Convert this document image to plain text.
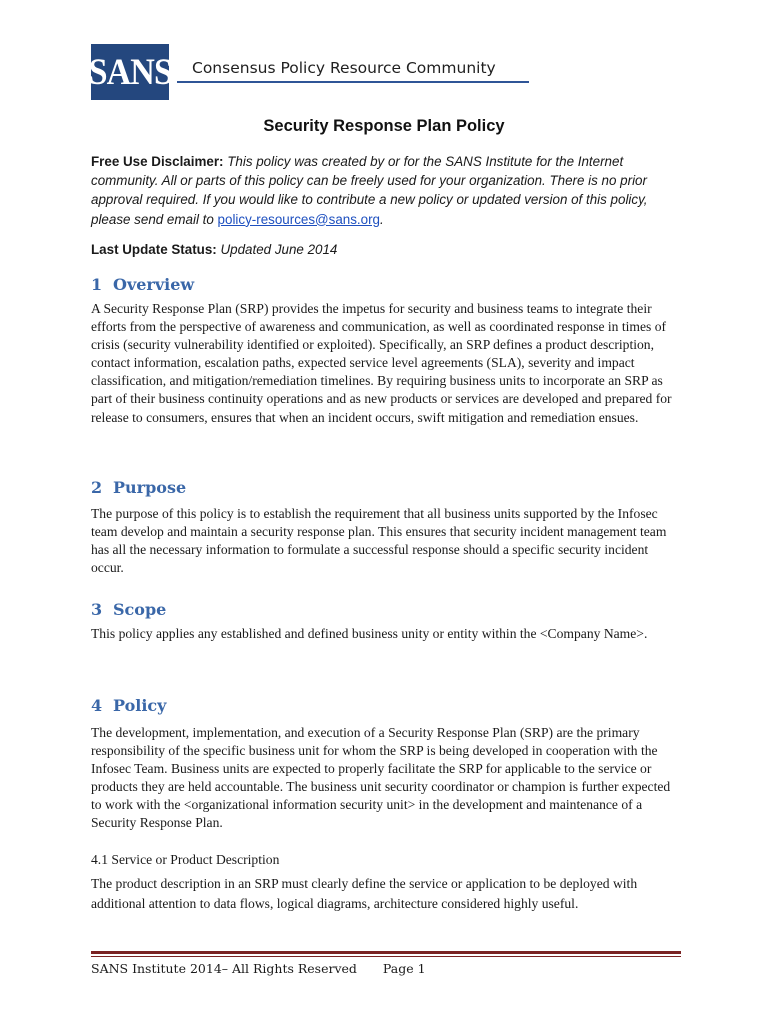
SANS Consensus Policy Resource Community
Security Response Plan Policy
Free Use Disclaimer: This policy was created by or for the SANS Institute for the Internet community. All or parts of this policy can be freely used for your organization. There is no prior approval required. If you would like to contribute a new policy or updated version of this policy, please send email to policy-resources@sans.org.
Last Update Status: Updated June 2014
1 Overview
A Security Response Plan (SRP) provides the impetus for security and business teams to integrate their efforts from the perspective of awareness and communication, as well as coordinated response in times of crisis (security vulnerability identified or exploited). Specifically, an SRP defines a product description, contact information, escalation paths, expected service level agreements (SLA), severity and impact classification, and mitigation/remediation timelines. By requiring business units to incorporate an SRP as part of their business continuity operations and as new products or services are developed and prepared for release to consumers, ensures that when an incident occurs, swift mitigation and remediation ensues.
2 Purpose
The purpose of this policy is to establish the requirement that all business units supported by the Infosec team develop and maintain a security response plan. This ensures that security incident management team has all the necessary information to formulate a successful response should a specific security incident occur.
3 Scope
This policy applies any established and defined business unity or entity within the <Company Name>.
4 Policy
The development, implementation, and execution of a Security Response Plan (SRP) are the primary responsibility of the specific business unit for whom the SRP is being developed in cooperation with the Infosec Team. Business units are expected to properly facilitate the SRP for applicable to the service or products they are held accountable. The business unit security coordinator or champion is further expected to work with the <organizational information security unit> in the development and maintenance of a Security Response Plan.
4.1 Service or Product Description
The product description in an SRP must clearly define the service or application to be deployed with additional attention to data flows, logical diagrams, architecture considered highly useful.
SANS Institute 2014– All Rights Reserved Page 1
